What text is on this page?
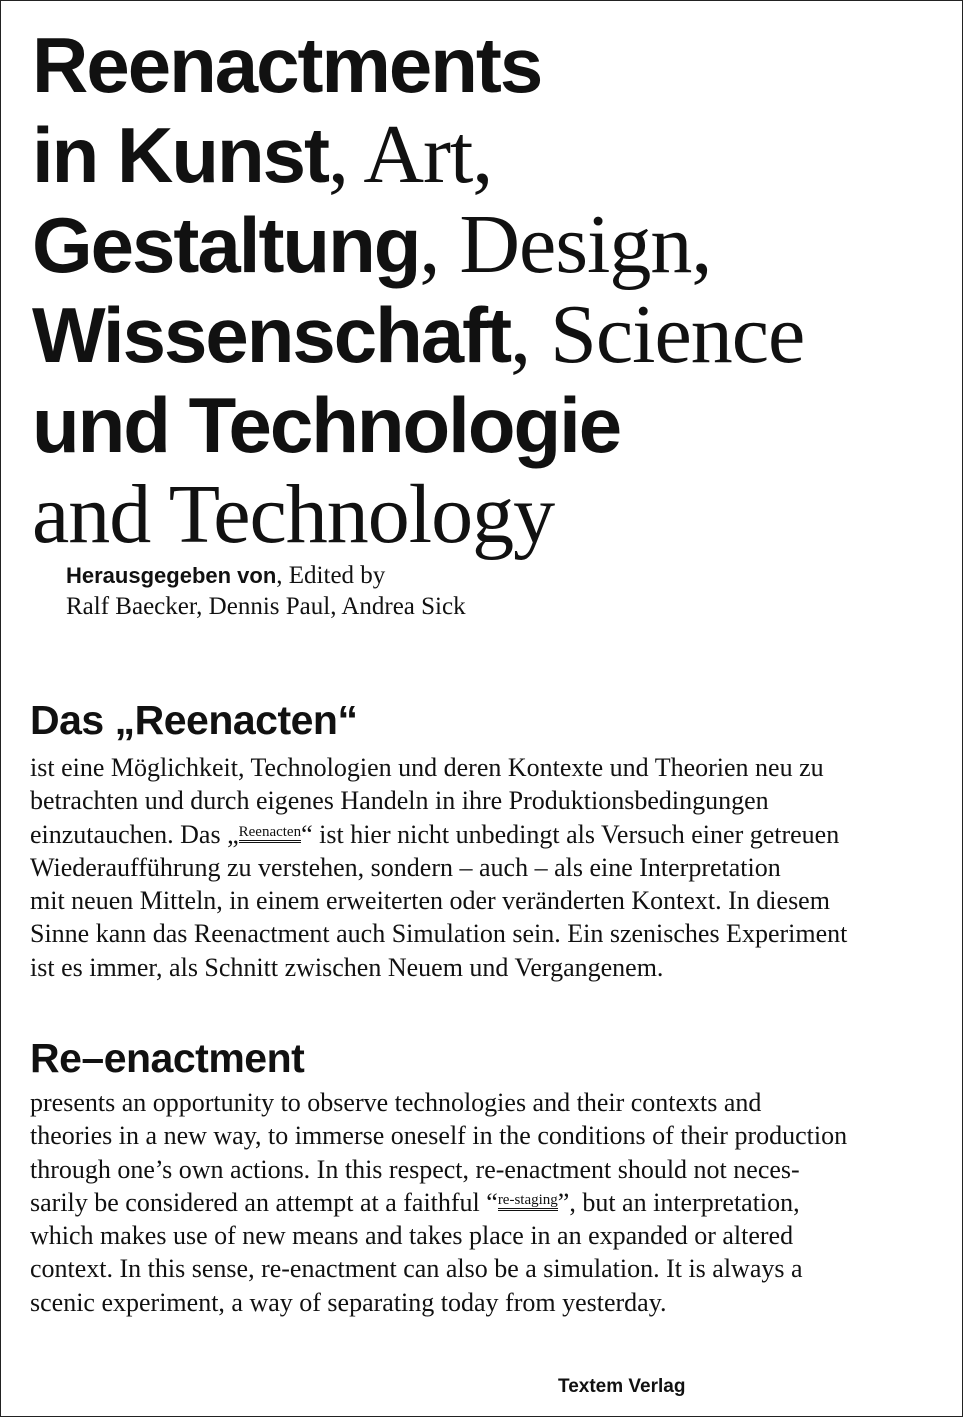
Reenactments
in Kunst, Art,
Gestaltung, Design,
Wissenschaft, Science
und Technologie
and Technology
Herausgegeben von, Edited by
Ralf Baecker, Dennis Paul, Andrea Sick
Das „Reenacten“
ist eine Möglichkeit, Technologien und deren Kontexte und Theorien neu zu
betrachten und durch eigenes Handeln in ihre Produktionsbedingungen
einzutauchen. Das „$^{Reenacten}$“ ist hier nicht unbedingt als Versuch einer getreuen
Wiederaufführung zu verstehen, sondern – auch – als eine Interpretation
mit neuen Mitteln, in einem erweiterten oder veränderten Kontext. In diesem
Sinne kann das Reenactment auch Simulation sein. Ein szenisches Experiment
ist es immer, als Schnitt zwischen Neuem und Vergangenem.
Re–enactment
presents an opportunity to observe technologies and their contexts and
theories in a new way, to immerse oneself in the conditions of their production
through one’s own actions. In this respect, re-enactment should not neces-
sarily be considered an attempt at a faithful “$^{re-staging}$”, but an interpretation,
which makes use of new means and takes place in an expanded or altered
context. In this sense, re-enactment can also be a simulation. It is always a
scenic experiment, a way of separating today from yesterday.
Textem Verlag
